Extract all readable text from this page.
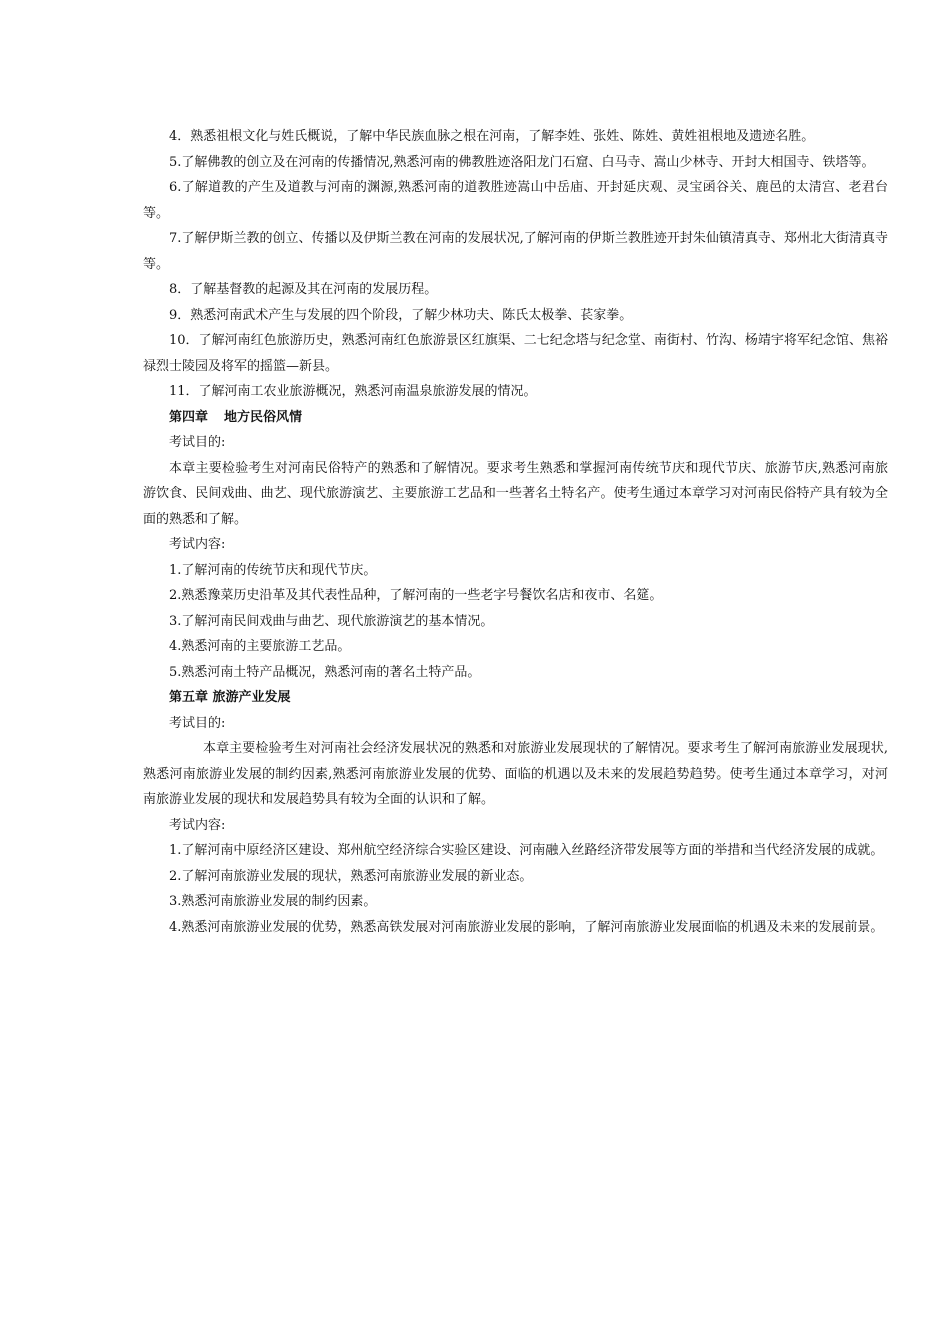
4．熟悉祖根文化与姓氏概说，了解中华民族血脉之根在河南，了解李姓、张姓、陈姓、黄姓祖根地及遗迹名胜。

5.了解佛教的创立及在河南的传播情况,熟悉河南的佛教胜迹洛阳龙门石窟、白马寺、嵩山少林寺、开封大相国寺、铁塔等。

6.了解道教的产生及道教与河南的渊源,熟悉河南的道教胜迹嵩山中岳庙、开封延庆观、灵宝函谷关、鹿邑的太清宫、老君台等。

7.了解伊斯兰教的创立、传播以及伊斯兰教在河南的发展状况,了解河南的伊斯兰教胜迹开封朱仙镇清真寺、郑州北大街清真寺等。

8．了解基督教的起源及其在河南的发展历程。

9．熟悉河南武术产生与发展的四个阶段，了解少林功夫、陈氏太极拳、苌家拳。

10．了解河南红色旅游历史，熟悉河南红色旅游景区红旗渠、二七纪念塔与纪念堂、南街村、竹沟、杨靖宇将军纪念馆、焦裕禄烈士陵园及将军的摇篮—新县。

11．了解河南工农业旅游概况，熟悉河南温泉旅游发展的情况。

第四章 地方民俗风情

考试目的:

本章主要检验考生对河南民俗特产的熟悉和了解情况。要求考生熟悉和掌握河南传统节庆和现代节庆、旅游节庆,熟悉河南旅游饮食、民间戏曲、曲艺、现代旅游演艺、主要旅游工艺品和一些著名土特名产。使考生通过本章学习对河南民俗特产具有较为全面的熟悉和了解。

考试内容:

1.了解河南的传统节庆和现代节庆。

2.熟悉豫菜历史沿革及其代表性品种，了解河南的一些老字号餐饮名店和夜市、名筵。

3.了解河南民间戏曲与曲艺、现代旅游演艺的基本情况。

4.熟悉河南的主要旅游工艺品。

5.熟悉河南土特产品概况，熟悉河南的著名土特产品。

第五章 旅游产业发展

考试目的:

本章主要检验考生对河南社会经济发展状况的熟悉和对旅游业发展现状的了解情况。要求考生了解河南旅游业发展现状,熟悉河南旅游业发展的制约因素,熟悉河南旅游业发展的优势、面临的机遇以及未来的发展趋势趋势。使考生通过本章学习，对河南旅游业发展的现状和发展趋势具有较为全面的认识和了解。

考试内容:

1.了解河南中原经济区建设、郑州航空经济综合实验区建设、河南融入丝路经济带发展等方面的举措和当代经济发展的成就。

2.了解河南旅游业发展的现状，熟悉河南旅游业发展的新业态。

3.熟悉河南旅游业发展的制约因素。

4.熟悉河南旅游业发展的优势，熟悉高铁发展对河南旅游业发展的影响，了解河南旅游业发展面临的机遇及未来的发展前景。
